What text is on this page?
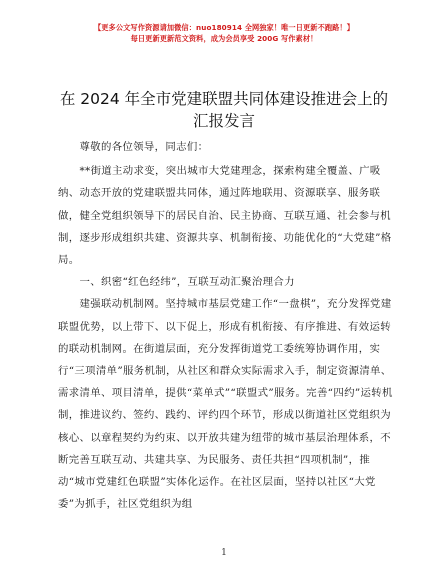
【更多公文写作资源请加微信：nuo180914 全网独家！唯一日更新不跑路！】
每日更新更新范文资料，成为会员享受 200G 写作素材！
在 2024 年全市党建联盟共同体建设推进会上的
汇报发言

　　尊敬的各位领导，同志们：

　　**街道主动求变，突出城市大党建理念，探索构建全覆盖、广吸纳、动态开放的党建联盟共同体，通过阵地联用、资源联享、服务联做，健全党组织领导下的居民自治、民主协商、互联互通、社会参与机制，逐步形成组织共建、资源共享、机制衔接、功能优化的“大党建”格局。

　　一、织密“红色经纬”，互联互动汇聚治理合力

　　建强联动机制网。坚持城市基层党建工作“一盘棋”，充分发挥党建联盟优势，以上带下、以下促上，形成有机衔接、有序推进、有效运转的联动机制网。在街道层面，充分发挥街道党工委统筹协调作用，实行“三项清单”服务机制，从社区和群众实际需求入手，制定资源清单、需求清单、项目清单，提供“菜单式”“联盟式”服务。完善“四约”运转机制，推进议约、签约、践约、评约四个环节，形成以街道社区党组织为核心、以章程契约为约束、以开放共建为纽带的城市基层治理体系，不断完善互联互动、共建共享、为民服务、责任共担“四项机制”，推动“城市党建红色联盟”实体化运作。在社区层面，坚持以社区“大党委”为抓手，社区党组织为组

1
